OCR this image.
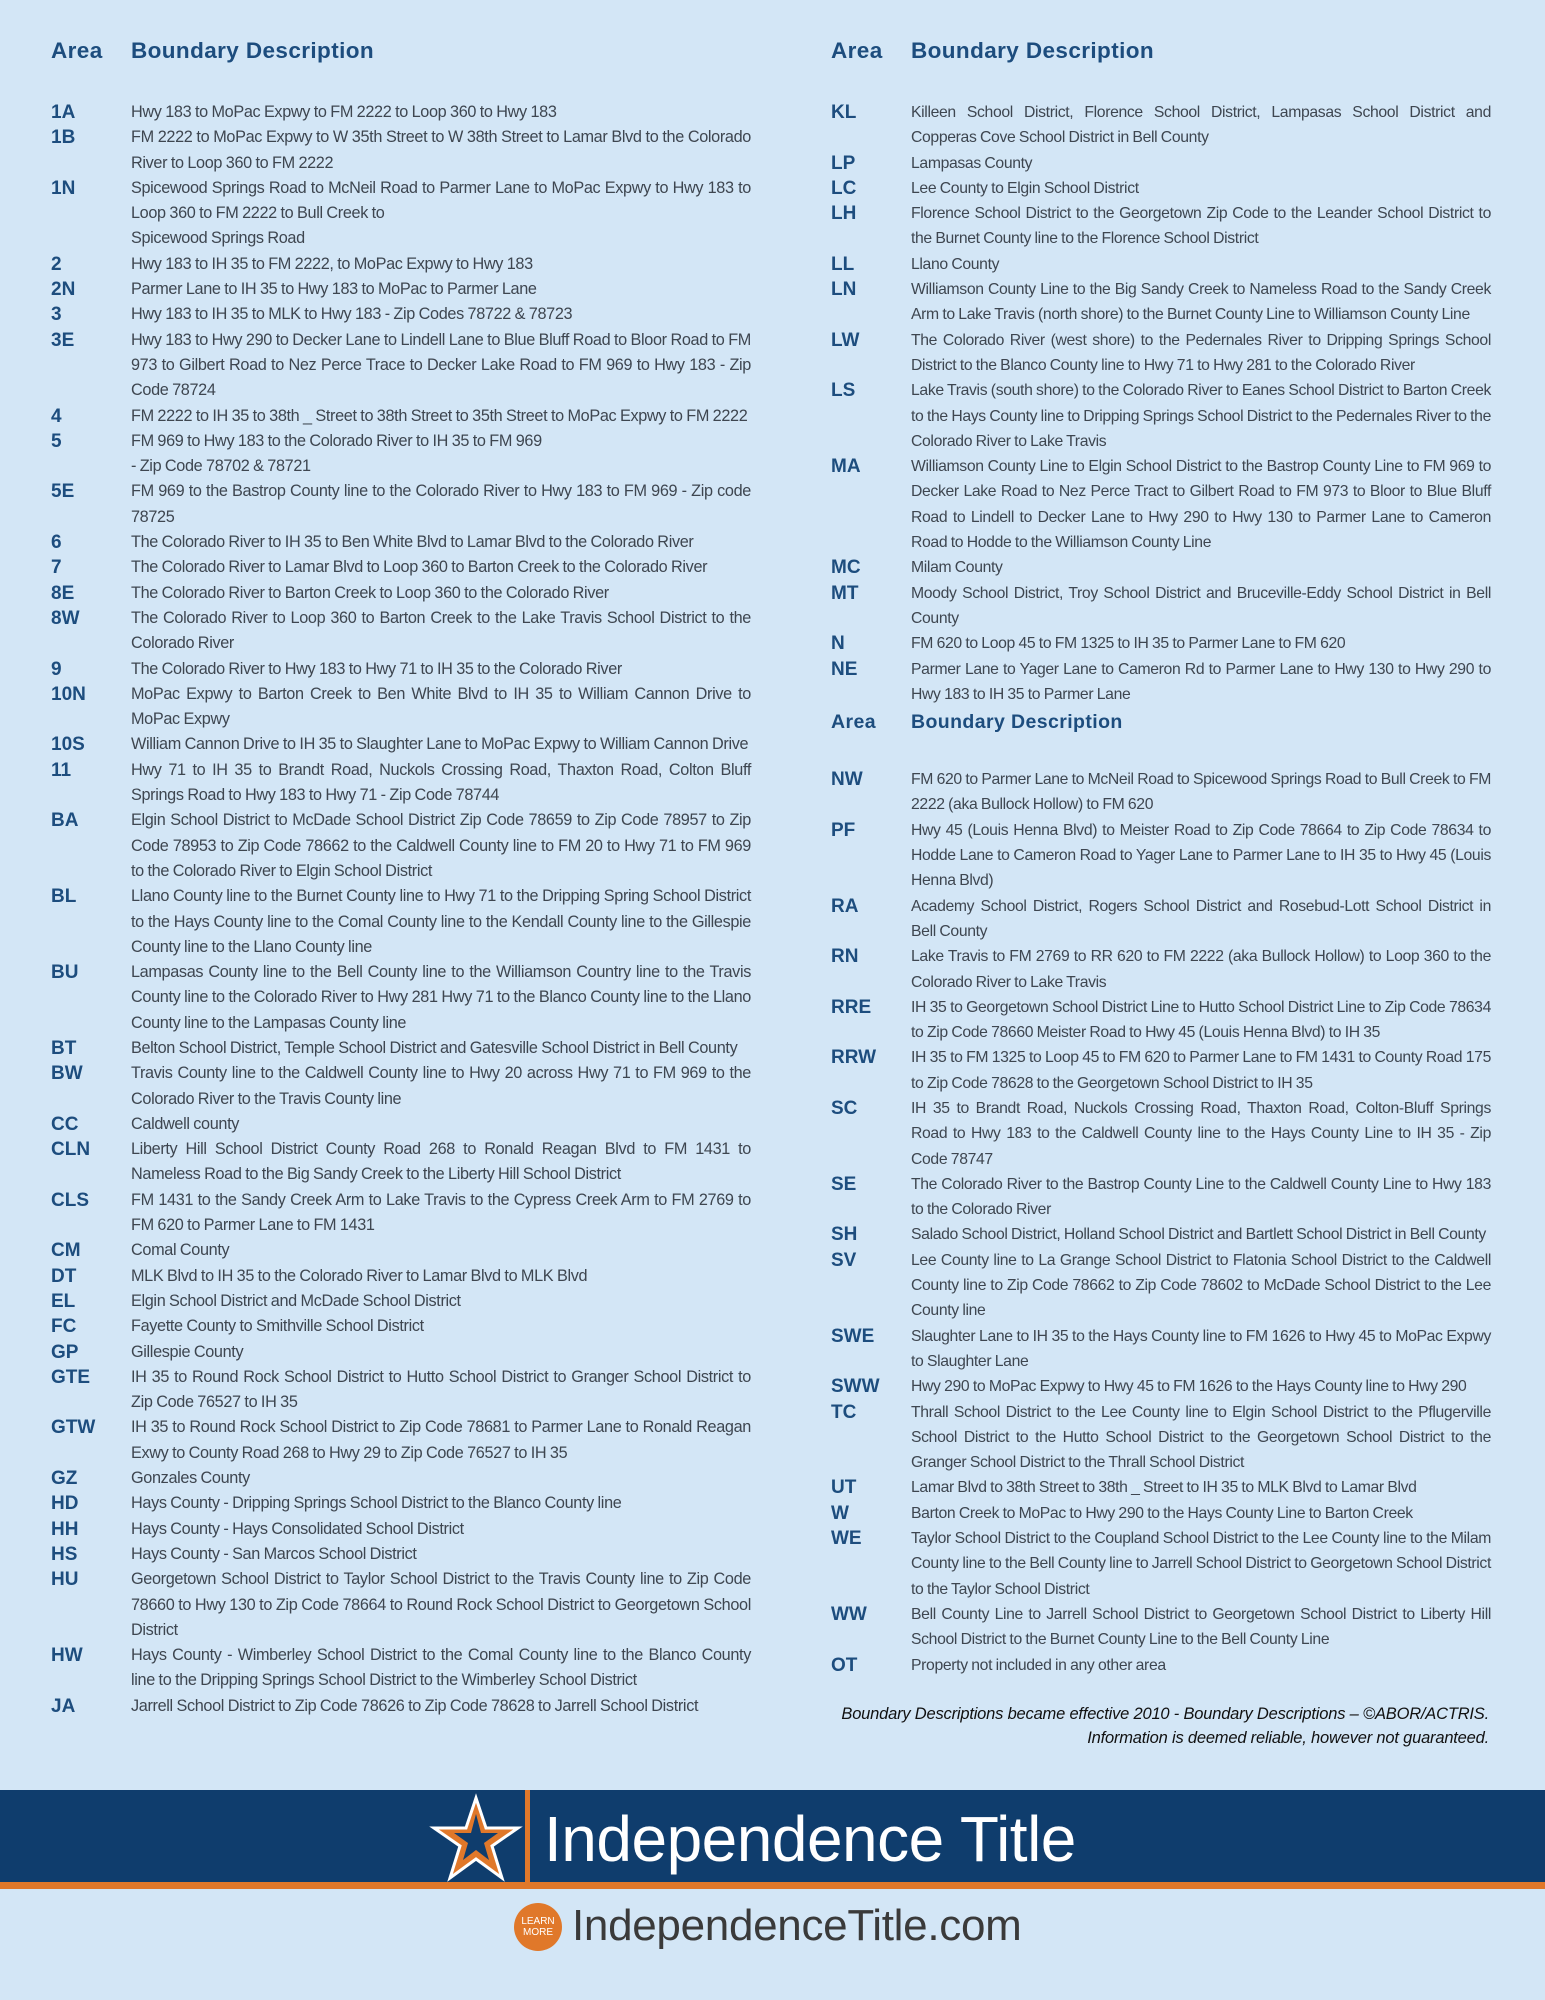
Area	Boundary Description
1A	Hwy 183 to MoPac Expwy to FM 2222 to Loop 360 to Hwy 183
1B	FM 2222 to MoPac Expwy to W 35th Street to W 38th Street to Lamar Blvd to the Colorado River to Loop 360 to FM 2222
1N	Spicewood Springs Road to McNeil Road to Parmer Lane to MoPac Expwy to Hwy 183 to Loop 360 to FM 2222 to Bull Creek to
Spicewood Springs Road
2	Hwy 183 to IH 35 to FM 2222, to MoPac Expwy to Hwy 183
2N	Parmer Lane to IH 35 to Hwy 183 to MoPac to Parmer Lane
3	Hwy 183 to IH 35 to MLK to Hwy 183 - Zip Codes 78722 & 78723
3E	Hwy 183 to Hwy 290 to Decker Lane to Lindell Lane to Blue Bluff Road to Bloor Road to FM 973 to Gilbert Road to Nez Perce Trace to Decker Lake Road to FM 969 to Hwy 183 - Zip Code 78724
4	FM 2222 to IH 35 to 38th _ Street to 38th Street to 35th Street to MoPac Expwy to FM 2222
5	FM 969 to Hwy 183 to the Colorado River to IH 35 to FM 969
- Zip Code 78702 & 78721
5E	FM 969 to the Bastrop County line to the Colorado River to Hwy 183 to FM 969 - Zip code 78725
6	The Colorado River to IH 35 to Ben White Blvd to Lamar Blvd to the Colorado River
7	The Colorado River to Lamar Blvd to Loop 360 to Barton Creek to the Colorado River
8E	The Colorado River to Barton Creek to Loop 360 to the Colorado River
8W	The Colorado River to Loop 360 to Barton Creek to the Lake Travis School District to the Colorado River
9	The Colorado River to Hwy 183 to Hwy 71 to IH 35 to the Colorado River
10N	MoPac Expwy to Barton Creek to Ben White Blvd to IH 35 to William Cannon Drive to MoPac Expwy
10S	William Cannon Drive to IH 35 to Slaughter Lane to MoPac Expwy to William Cannon Drive
11	Hwy 71 to IH 35 to Brandt Road, Nuckols Crossing Road, Thaxton Road, Colton Bluff Springs Road to Hwy 183 to Hwy 71 - Zip Code 78744
BA	Elgin School District to McDade School District Zip Code 78659 to Zip Code 78957 to Zip Code 78953 to Zip Code 78662 to the Caldwell County line to FM 20 to Hwy 71 to FM 969 to the Colorado River to Elgin School District
BL	Llano County line to the Burnet County line to Hwy 71 to the Dripping Spring School District to the Hays County line to the Comal County line to the Kendall County line to the Gillespie County line to the Llano County line
BU	Lampasas County line to the Bell County line to the Williamson Country line to the Travis County line to the Colorado River to Hwy 281 Hwy 71 to the Blanco County line to the Llano County line to the Lampasas County line
BT	Belton School District, Temple School District and Gatesville School District in Bell County
BW	Travis County line to the Caldwell County line to Hwy 20 across Hwy 71 to FM 969 to the Colorado River to the Travis County line
CC	Caldwell county
CLN	Liberty Hill School District County Road 268 to Ronald Reagan Blvd to FM 1431 to Nameless Road to the Big Sandy Creek to the Liberty Hill School District
CLS	FM 1431 to the Sandy Creek Arm to Lake Travis to the Cypress Creek Arm to FM 2769 to FM 620 to Parmer Lane to FM 1431
CM	Comal County
DT	MLK Blvd to IH 35 to the Colorado River to Lamar Blvd to MLK Blvd
EL	Elgin School District and McDade School District
FC	Fayette County to Smithville School District
GP	Gillespie County
GTE	IH 35 to Round Rock School District to Hutto School District to Granger School District to Zip Code 76527 to IH 35
GTW	IH 35 to Round Rock School District to Zip Code 78681 to Parmer Lane to Ronald Reagan Exwy to County Road 268 to Hwy 29 to Zip Code 76527 to IH 35
GZ	Gonzales County
HD	Hays County - Dripping Springs School District to the Blanco County line
HH	Hays County - Hays Consolidated School District
HS	Hays County - San Marcos School District
HU	Georgetown School District to Taylor School District to the Travis County line to Zip Code 78660 to Hwy 130 to Zip Code 78664 to Round Rock School District to Georgetown School District
HW	Hays County - Wimberley School District to the Comal County line to the Blanco County line to the Dripping Springs School District to the Wimberley School District
JA	Jarrell School District to Zip Code 78626 to Zip Code 78628 to Jarrell School District
Area	Boundary Description
KL	Killeen School District, Florence School District, Lampasas School District and Copperas Cove School District in Bell County
LP	Lampasas County
LC	Lee County to Elgin School District
LH	Florence School District to the Georgetown Zip Code to the Leander School District to the Burnet County line to the Florence School District
LL	Llano County
LN	Williamson County Line to the Big Sandy Creek to Nameless Road to the Sandy Creek Arm to Lake Travis (north shore) to the Burnet County Line to Williamson County Line
LW	The Colorado River (west shore) to the Pedernales River to Dripping Springs School District to the Blanco County line to Hwy 71 to Hwy 281 to the Colorado River
LS	Lake Travis (south shore) to the Colorado River to Eanes School District to Barton Creek to the Hays County line to Dripping Springs School District to the Pedernales River to the Colorado River to Lake Travis
MA	Williamson County Line to Elgin School District to the Bastrop County Line to FM 969 to Decker Lake Road to Nez Perce Tract to Gilbert Road to FM 973 to Bloor to Blue Bluff Road to Lindell to Decker Lane to Hwy 290 to Hwy 130 to Parmer Lane to Cameron Road to Hodde to the Williamson County Line
MC	Milam County
MT	Moody School District, Troy School District and Bruceville-Eddy School District in Bell County
N	FM 620 to Loop 45 to FM 1325 to IH 35 to Parmer Lane to FM 620
NE	Parmer Lane to Yager Lane to Cameron Rd to Parmer Lane to Hwy 130 to Hwy 290 to Hwy 183 to IH 35 to Parmer Lane
Area	Boundary Description
NW	FM 620 to Parmer Lane to McNeil Road to Spicewood Springs Road to Bull Creek to FM 2222 (aka Bullock Hollow) to FM 620
PF	Hwy 45 (Louis Henna Blvd) to Meister Road to Zip Code 78664 to Zip Code 78634 to Hodde Lane to Cameron Road to Yager Lane to Parmer Lane to IH 35 to Hwy 45 (Louis Henna Blvd)
RA	Academy School District, Rogers School District and Rosebud-Lott School District in Bell County
RN	Lake Travis to FM 2769 to RR 620 to FM 2222 (aka Bullock Hollow) to Loop 360 to the Colorado River to Lake Travis
RRE	IH 35 to Georgetown School District Line to Hutto School District Line to Zip Code 78634 to Zip Code 78660 Meister Road to Hwy 45 (Louis Henna Blvd) to IH 35
RRW	IH 35 to FM 1325 to Loop 45 to FM 620 to Parmer Lane to FM 1431 to County Road 175 to Zip Code 78628 to the Georgetown School District to IH 35
SC	IH 35 to Brandt Road, Nuckols Crossing Road, Thaxton Road, Colton-Bluff Springs Road to Hwy 183 to the Caldwell County line to the Hays County Line to IH 35 - Zip Code 78747
SE	The Colorado River to the Bastrop County Line to the Caldwell County Line to Hwy 183 to the Colorado River
SH	Salado School District, Holland School District and Bartlett School District in Bell County
SV	Lee County line to La Grange School District to Flatonia School District to the Caldwell County line to Zip Code 78662 to Zip Code 78602 to McDade School District to the Lee County line
SWE	Slaughter Lane to IH 35 to the Hays County line to FM 1626 to Hwy 45 to MoPac Expwy to Slaughter Lane
SWW	Hwy 290 to MoPac Expwy to Hwy 45 to FM 1626 to the Hays County line to Hwy 290
TC	Thrall School District to the Lee County line to Elgin School District to the Pflugerville School District to the Hutto School District to the Georgetown School District to the Granger School District to the Thrall School District
UT	Lamar Blvd to 38th Street to 38th _ Street to IH 35 to MLK Blvd to Lamar Blvd
W	Barton Creek to MoPac to Hwy 290 to the Hays County Line to Barton Creek
WE	Taylor School District to the Coupland School District to the Lee County line to the Milam County line to the Bell County line to Jarrell School District to Georgetown School District to the Taylor School District
WW	Bell County Line to Jarrell School District to Georgetown School District to Liberty Hill School District to the Burnet County Line to the Bell County Line
OT	Property not included in any other area
Boundary Descriptions became effective 2010 - Boundary Descriptions – ©ABOR/ACTRIS.
Information is deemed reliable, however not guaranteed.
Independence Title
LEARN MORE IndependenceTitle.com
